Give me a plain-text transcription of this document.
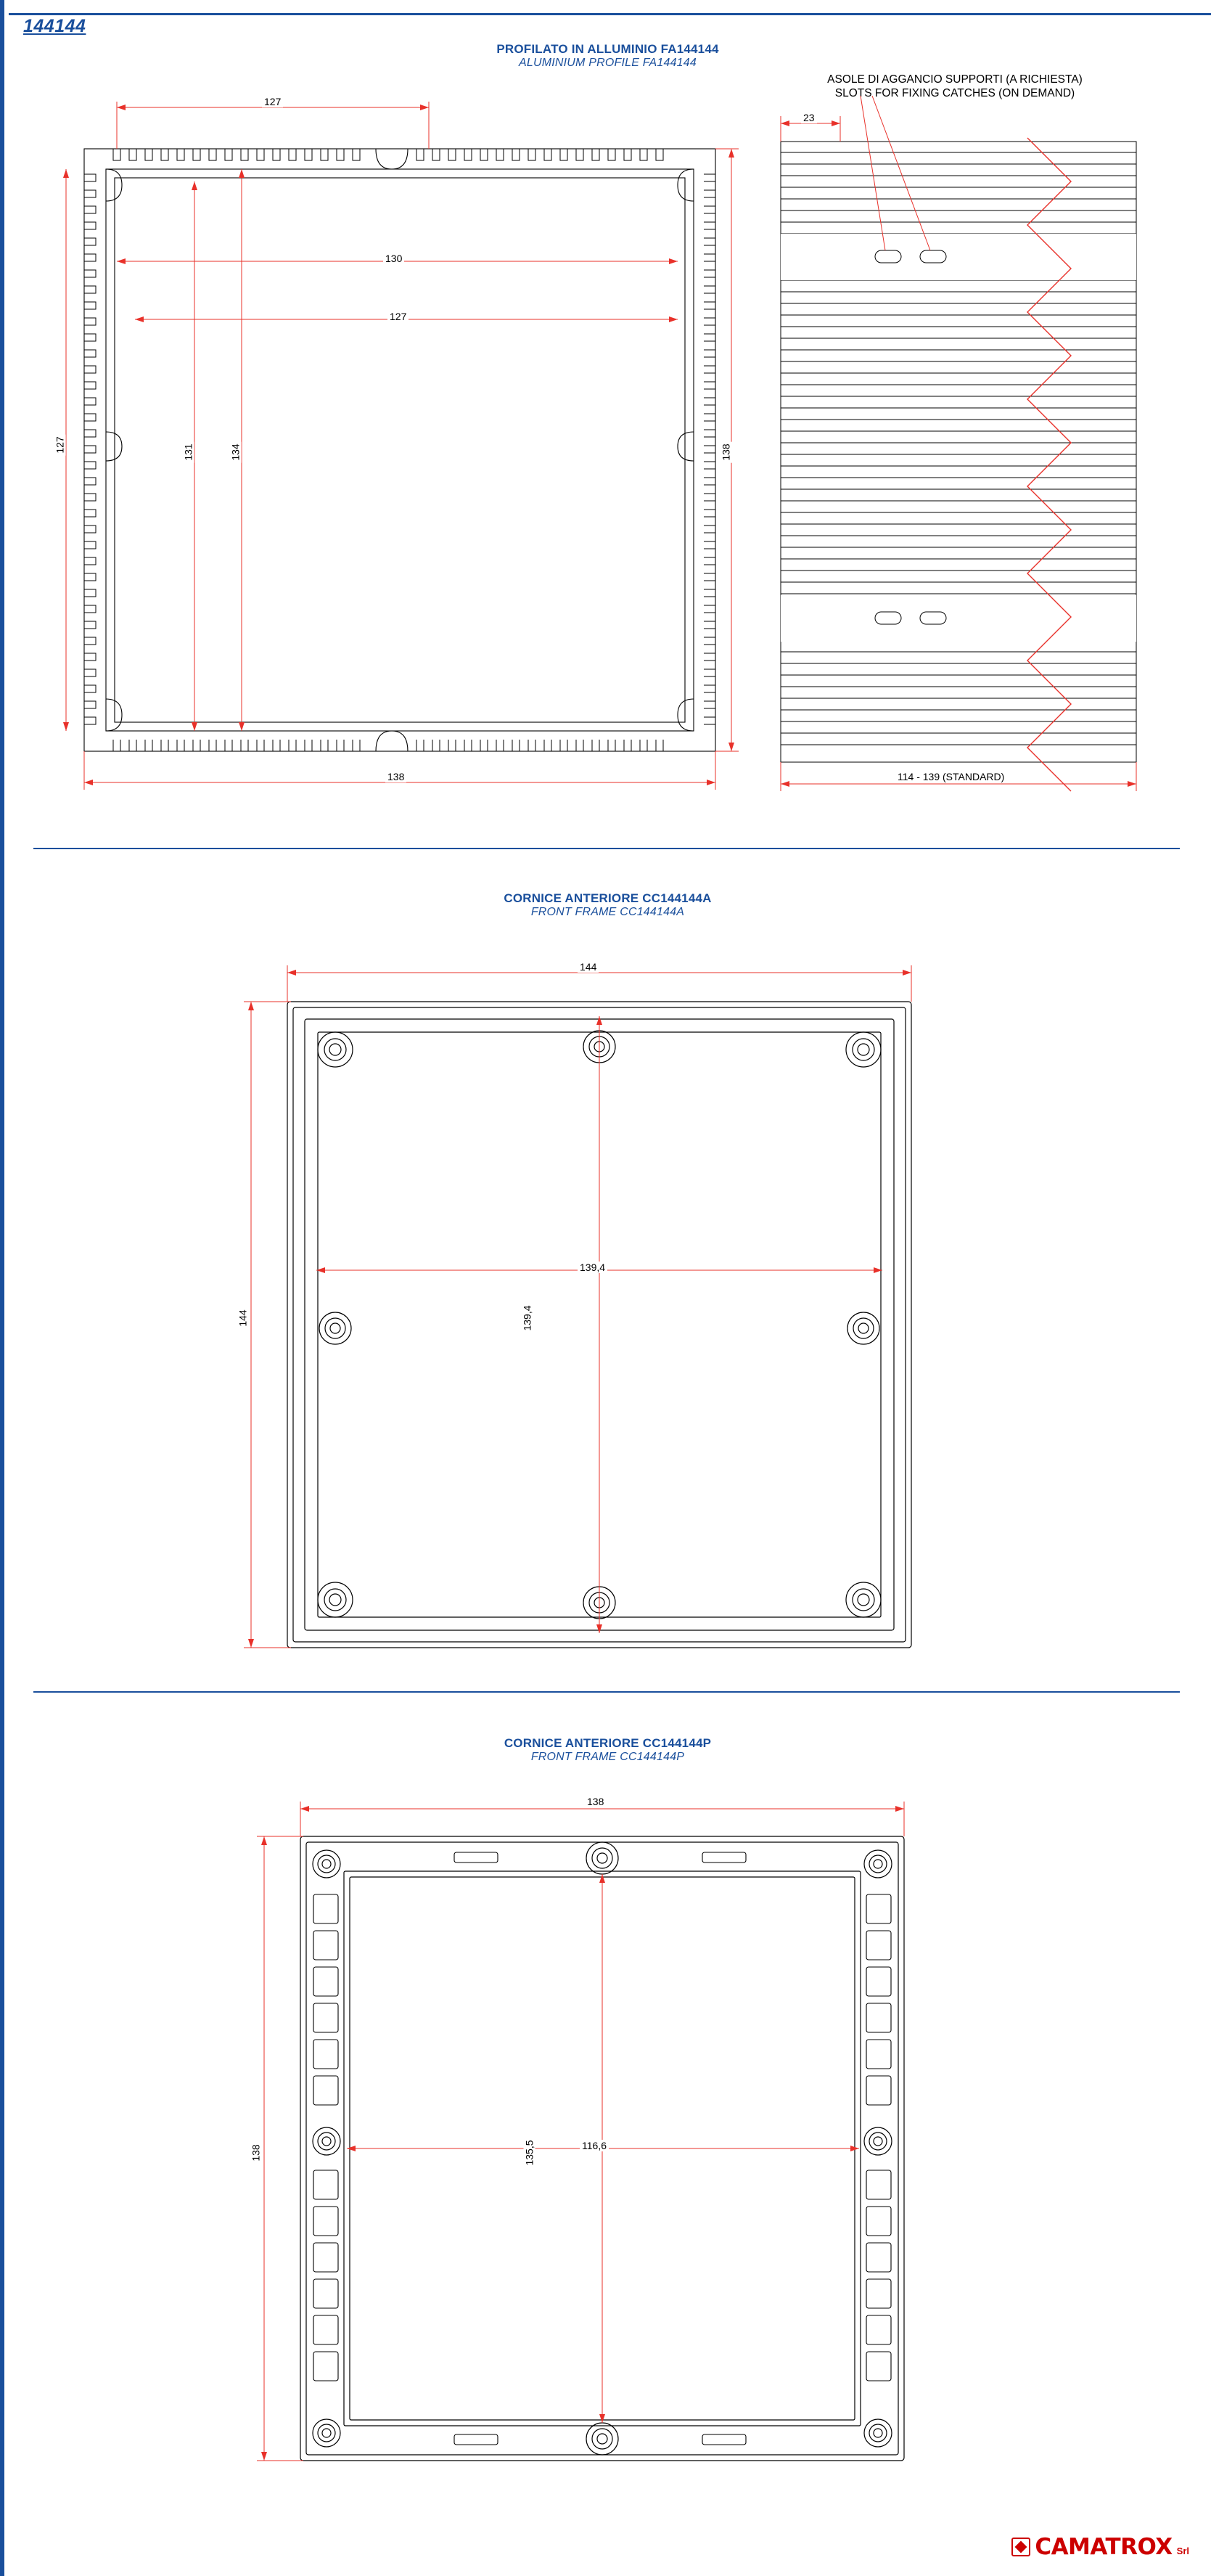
144144
PROFILATO IN ALLUMINIO FA144144
ALUMINIUM PROFILE FA144144
ASOLE DI AGGANCIO SUPPORTI (A RICHIESTA)
SLOTS FOR FIXING CATCHES (ON DEMAND)
127
130
127
127	131	134	138
138
23
114 - 139 (STANDARD)
CORNICE ANTERIORE CC144144A
FRONT FRAME CC144144A
144
144
139,4
139,4
CORNICE ANTERIORE CC144144P
FRONT FRAME CC144144P
138
138	116,6
135,5
CAMATROX Srl
